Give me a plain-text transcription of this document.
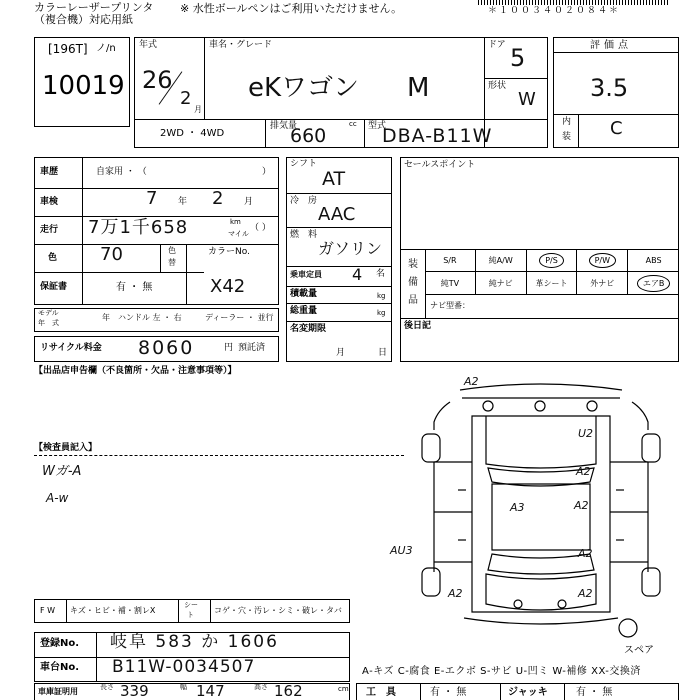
カラーレーザープリンタ
（複合機）対応用紙
※ 水性ボールペンはご利用いただけません。	＊１００３４０２０８４＊
[196T] ノ/n
10019
年式
26
2
月
車名・グレード
eKワゴン M
ドア 5
形状
W
2WD ・ 4WD
排気量	cc
660	型式
DBA-B11W
評価点
3.5
内
装 C
車歴	自家用 ・ （	）
車検	7 年 2 月
走行 7万1千658	km
マイル
（ ）
色 70	色
替
カラーNo.
X42
保証書	有 ・ 無
モデル
年　式
年 ハンドル 左 ・ 右	ディーラー ・ 並行
リサイクル料金 8060	円 預託済
シフト
AT
冷　房
AAC
燃　料
ガソリン
乗車定員 4 名
積載量	kg
総重量	kg
名変期限
月	日
セールスポイント
装
備
品
S/R	純A/W	P/S	P/W	ABS
純TV	純ナビ	革シート	外ナビ	エアB
ナビ型番：
後日記
【出品店申告欄（不良箇所・欠品・注意事項等）】
【検査員記入】
Wガ-A
A-w
A2
U2
A2
A3	A2
AU3	A2
A2	A2
スペア
F W キズ・ヒビ・補・割レX
シー
ト	コゲ・穴・汚レ・シミ・破レ・タバ
登録No. 岐阜 583 か 1606
車台No. B11W-0034507	A-キズ C-腐食 E-エクボ S-サビ U-凹ミ W-補修 XX-交換済
車庫証明用	長さ 339	幅 147	高さ 162	cm 工　具	有 ・ 無	ジャッキ	有 ・ 無
